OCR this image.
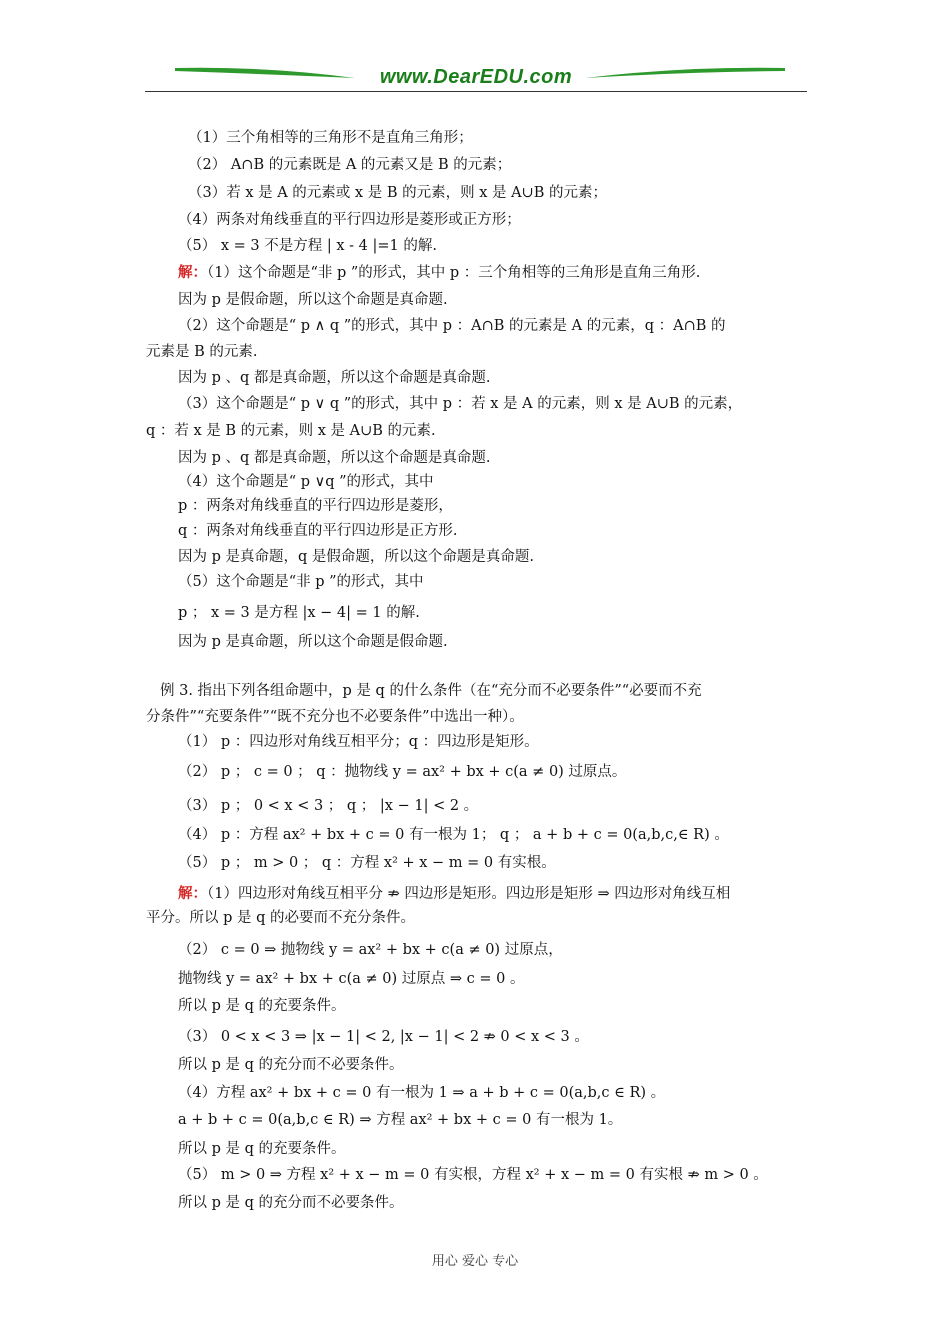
www.DearEDU.com
（1）三个角相等的三角形不是直角三角形；
（2） A∩B 的元素既是 A 的元素又是 B 的元素；
（3）若 x 是 A 的元素或 x 是 B 的元素，则 x 是 A∪B 的元素；
（4）两条对角线垂直的平行四边形是菱形或正方形；
（5） x = 3 不是方程 | x - 4 |=1 的解.
解：（1）这个命题是“非 p ”的形式，其中 p ：三个角相等的三角形是直角三角形.
因为 p 是假命题，所以这个命题是真命题.
（2）这个命题是“ p ∧ q ”的形式，其中 p ：A∩B 的元素是 A 的元素，q ：A∩B 的
元素是 B 的元素.
因为 p 、q 都是真命题，所以这个命题是真命题.
（3）这个命题是“ p ∨ q ”的形式，其中 p ：若 x 是 A 的元素，则 x 是 A∪B 的元素，
q ：若 x 是 B 的元素，则 x 是 A∪B 的元素.
因为 p 、q 都是真命题，所以这个命题是真命题.
（4）这个命题是“ p ∨q ”的形式，其中
p ：两条对角线垂直的平行四边形是菱形，
q ：两条对角线垂直的平行四边形是正方形.
因为 p 是真命题，q 是假命题，所以这个命题是真命题.
（5）这个命题是“非 p ”的形式，其中
p ； x = 3 是方程 |x − 4| = 1 的解.
因为 p 是真命题，所以这个命题是假命题.
例 3. 指出下列各组命题中，p 是 q 的什么条件（在“充分而不必要条件”“必要而不充
分条件”“充要条件”“既不充分也不必要条件”中选出一种）。
（1） p ：四边形对角线互相平分；q ：四边形是矩形。
（2） p ； c = 0 ； q ：抛物线 y = ax² + bx + c(a ≠ 0) 过原点。
（3） p ； 0 < x < 3 ； q ； |x − 1| < 2 。
（4） p ：方程 ax² + bx + c = 0 有一根为 1； q ； a + b + c = 0(a,b,c,∈ R) 。
（5） p ； m > 0 ； q ：方程 x² + x − m = 0 有实根。
解：（1）四边形对角线互相平分 ⇏ 四边形是矩形。四边形是矩形 ⇒ 四边形对角线互相
平分。所以 p 是 q 的必要而不充分条件。
（2） c = 0 ⇒ 抛物线 y = ax² + bx + c(a ≠ 0) 过原点，
抛物线 y = ax² + bx + c(a ≠ 0) 过原点 ⇒ c = 0 。
所以 p 是 q 的充要条件。
（3） 0 < x < 3 ⇒ |x − 1| < 2, |x − 1| < 2 ⇏ 0 < x < 3 。
所以 p 是 q 的充分而不必要条件。
（4）方程 ax² + bx + c = 0 有一根为 1 ⇒ a + b + c = 0(a,b,c ∈ R) 。
a + b + c = 0(a,b,c ∈ R) ⇒ 方程 ax² + bx + c = 0 有一根为 1。
所以 p 是 q 的充要条件。
（5） m > 0 ⇒ 方程 x² + x − m = 0 有实根，方程 x² + x − m = 0 有实根 ⇏ m > 0 。
所以 p 是 q 的充分而不必要条件。
用心 爱心 专心
